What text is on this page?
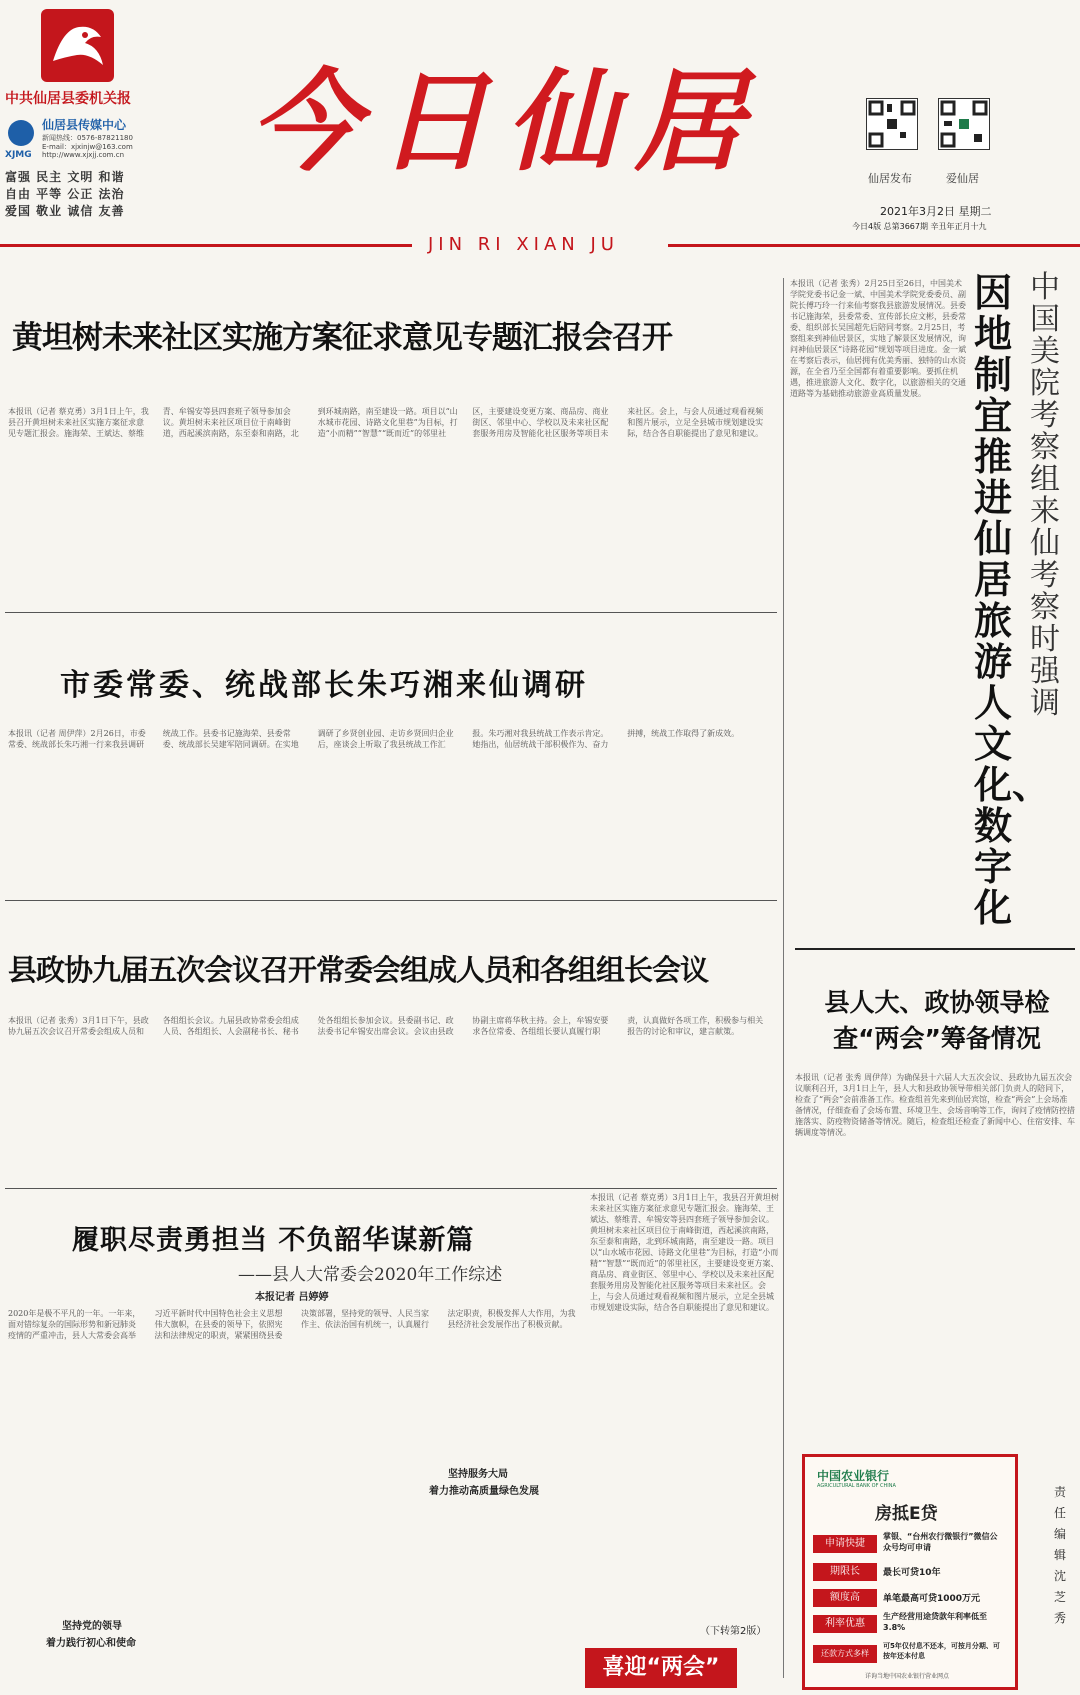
中共仙居县委机关报
XJMG
仙居县传媒中心
新闻热线：0576-87821180
E-mail：xjxinjw@163.com
http://www.xjxjj.com.cn
富强 民主 文明 和谐
自由 平等 公正 法治
爱国 敬业 诚信 友善
今日仙居	仙居发布	爱仙居
2021年3月2日 星期二
今日4版 总第3667期 辛丑年正月十九
JIN RI XIAN JU
黄坦树未来社区实施方案征求意见专题汇报会召开
本报讯（记者 蔡克勇）3月1日上午，我县召开黄坦树未来社区实施方案征求意见专题汇报会。施海荣、王斌达、蔡维青、牟锡安等县四套班子领导参加会议。黄坦树未来社区项目位于南峰街道，西起溪滨南路，东至泰和南路，北到环城南路，南至建设一路。项目以“山水城市花园、诗路文化里巷”为目标，打造“小而精”“智慧”“既而近”的邻里社区，主要建设变更方案、商品房、商业街区、邻里中心、学校以及未来社区配套服务用房及智能化社区服务等项目未来社区。会上，与会人员通过观看视频和图片展示，立足全县城市规划建设实际，结合各自职能提出了意见和建议。
市委常委、统战部长朱巧湘来仙调研
本报讯（记者 周伊萍）2月26日，市委常委、统战部长朱巧湘一行来我县调研统战工作。县委书记施海荣、县委常委、统战部长吴建军陪同调研。在实地调研了乡贤创业园、走访乡贤回归企业后，座谈会上听取了我县统战工作汇报。朱巧湘对我县统战工作表示肯定。她指出，仙居统战干部积极作为、奋力拼搏，统战工作取得了新成效。
县政协九届五次会议召开常委会组成人员和各组组长会议
本报讯（记者 张秀）3月1日下午，县政协九届五次会议召开常委会组成人员和各组组长会议。九届县政协常委会组成人员、各组组长、人会副秘书长、秘书处各组组长参加会议。县委副书记、政法委书记牟锡安出席会议。会议由县政协副主席蒋华秋主持。会上，牟锡安要求各位常委、各组组长要认真履行职责，认真做好各项工作，积极参与相关报告的讨论和审议，建言献策。
履职尽责勇担当 不负韶华谋新篇
——县人大常委会2020年工作综述
本报记者 吕婷婷
2020年是极不平凡的一年。一年来，面对错综复杂的国际形势和新冠肺炎疫情的严重冲击，县人大常委会高举习近平新时代中国特色社会主义思想伟大旗帜，在县委的领导下，依照宪法和法律规定的职责，紧紧围绕县委决策部署，坚持党的领导、人民当家作主、依法治国有机统一，认真履行法定职责，积极发挥人大作用，为我县经济社会发展作出了积极贡献。
坚持党的领导
着力践行初心和使命
坚持服务大局
着力推动高质量绿色发展
本报讯（记者 蔡克勇）3月1日上午，我县召开黄坦树未来社区实施方案征求意见专题汇报会。施海荣、王斌达、蔡维青、牟锡安等县四套班子领导参加会议。黄坦树未来社区项目位于南峰街道，西起溪滨南路，东至泰和南路，北到环城南路，南至建设一路。项目以“山水城市花园、诗路文化里巷”为目标，打造“小而精”“智慧”“既而近”的邻里社区，主要建设变更方案、商品房、商业街区、邻里中心、学校以及未来社区配套服务用房及智能化社区服务等项目未来社区。会上，与会人员通过观看视频和图片展示，立足全县城市规划建设实际，结合各自职能提出了意见和建议。
（下转第2版）
喜迎“两会”
本报讯（记者 张秀）2月25日至26日，中国美术学院党委书记金一斌、中国美术学院党委委员、副院长傅巧玲一行来仙考察我县旅游发展情况。县委书记施海荣，县委常委、宣传部长应文彬，县委常委、组织部长吴国超先后陪同考察。2月25日，考察组来到神仙居景区，实地了解景区发展情况，询问神仙居景区“诗路花园”规划等项目进度。金一斌在考察后表示，仙居拥有优美秀丽、独特的山水资源，在全省乃至全国都有着重要影响。要抓住机遇，推进旅游人文化、数字化，以旅游相关的交通道路等为基础推动旅游业高质量发展。
因地制宜 推进仙居旅游人文化、数字化
中国美院考察组来仙考察时强调
县人大、政协领导检查“两会”筹备情况
本报讯（记者 张秀 周伊萍）为确保县十六届人大五次会议、县政协九届五次会议顺利召开，3月1日上午，县人大和县政协领导带相关部门负责人的陪同下，检查了“两会”会前准备工作。检查组首先来到仙居宾馆，检查“两会”上会场准备情况，仔细查看了会场布置、环境卫生、会场音响等工作，询问了疫情防控措施落实、防疫物资储备等情况。随后，检查组还检查了新闻中心、住宿安排、车辆调度等情况。
中国农业银行
AGRICULTURAL BANK OF CHINA
房抵E贷
申请快捷
期限长
额度高
利率优惠
还款方式多样
掌银、“台州农行微银行”微信公众号均可申请
最长可贷10年
单笔最高可贷1000万元
生产经营用途贷款年利率低至3.8%
可5年仅付息不还本，可按月分期、可按年还本付息
详询当地中国农业银行营业网点
责任编辑 沈芝秀
